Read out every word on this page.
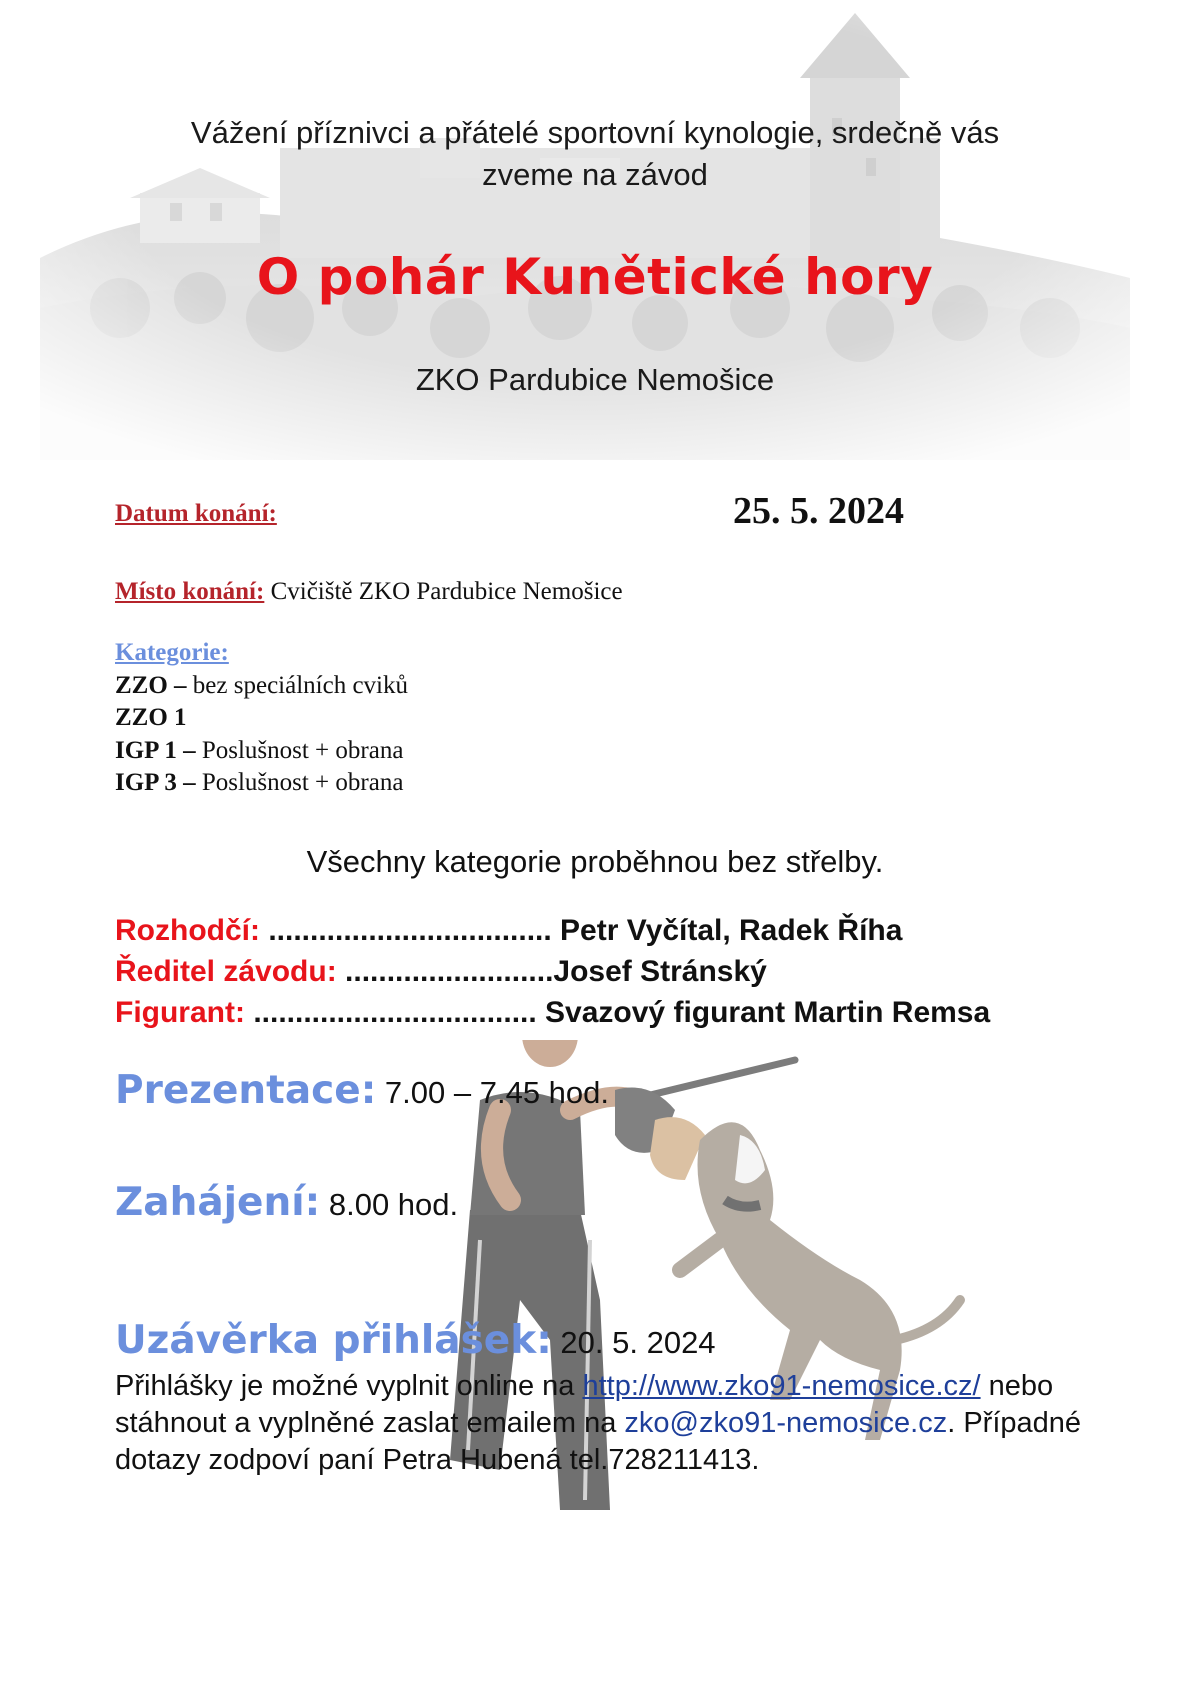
Vážení příznivci a přátelé sportovní kynologie, srdečně vás
zveme na závod
O pohár Kunětické hory
ZKO Pardubice Nemošice
Datum konání:	25. 5. 2024
Místo konání: Cvičiště ZKO Pardubice Nemošice
Kategorie:
ZZO – bez speciálních cviků
ZZO 1
IGP 1 – Poslušnost + obrana
IGP 3 – Poslušnost + obrana
Všechny kategorie proběhnou bez střelby.
Rozhodčí: .................................. Petr Vyčítal, Radek Říha
Ředitel závodu: .........................Josef Stránský
Figurant: .................................. Svazový figurant Martin Remsa
Prezentace: 7.00 – 7.45 hod.
Zahájení: 8.00 hod.
Uzávěrka přihlášek: 20. 5. 2024
Přihlášky je možné vyplnit online na http://www.zko91-nemosice.cz/ nebo stáhnout a vyplněné zaslat emailem na zko@zko91-nemosice.cz. Případné dotazy zodpoví paní Petra Hubená tel.728211413.
